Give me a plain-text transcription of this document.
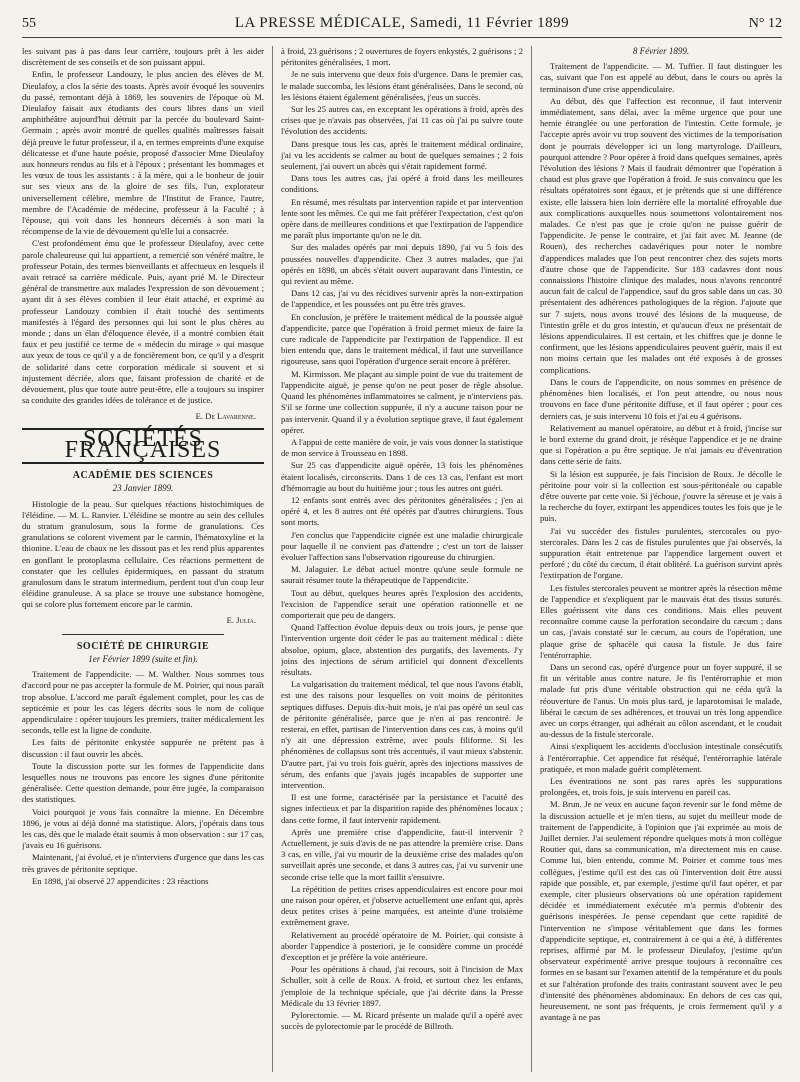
55	LA PRESSE MÉDICALE, Samedi, 11 Février 1899	N° 12

les suivant pas à pas dans leur carrière, toujours prêt à les aider discrètement de ses conseils et de son puissant appui.

Enfin, le professeur Landouzy, le plus ancien des élèves de M. Dieulafoy, a clos la série des toasts. Après avoir évoqué les souvenirs du passé, remontant déjà à 1869, les souvenirs de l'époque où M. Dieulafoy faisait aux étudiants des cours libres dans un vieil amphithéâtre aujourd'hui détruit par la percée du boulevard Saint-Germain ; après avoir montré de quelles qualités maîtresses faisait déjà preuve le futur professeur, il a, en termes empreints d'une exquise délicatesse et d'une haute poésie, proposé d'associer Mme Dieulafoy aux honneurs rendus au fils et à l'époux ; présentant les hommages et les vœux de tous les assistants : à la mère, qui a le bonheur de jouir sur ses vieux ans de la gloire de ses fils, l'un, explorateur universellement célèbre, membre de l'Institut de France, l'autre, membre de l'Académie de médecine, professeur à la Faculté ; à l'épouse, qui voit dans les honneurs décernés à son mari la récompense de la vie de dévouement qu'elle lui a consacrée.

C'est profondément ému que le professeur Dieulafoy, avec cette parole chaleureuse qui lui appartient, a remercié son vénéré maître, le professeur Potain, des termes bienveillants et affectueux en lesquels il avait retracé sa carrière médicale. Puis, ayant prié M. le Directeur général de transmettre aux malades l'expression de son dévouement ; ayant dit à ses élèves combien il leur était attaché, et exprimé au professeur Landouzy combien il était touché des sentiments manifestés à l'égard des personnes qui lui sont le plus chères au monde ; dans un élan d'éloquence élevée, il a montré combien était faux et peu justifié ce terme de « médecin du mirage » qui masque aux yeux de tous ce qu'il y a de foncièrement bon, ce qu'il y a d'esprit de solidarité dans cette corporation médicale si souvent et si injustement décriée, alors que, faisant profession de charité et de dévouement, plus que toute autre peut-être, elle a toujours su inspirer sa conduite des grandes idées de tolérance et de justice.

E. De Lavarenne.
SOCIÉTÉS FRANÇAISES
ACADÉMIE DES SCIENCES
23 Janvier 1899.

Histologie de la peau. Sur quelques réactions histochimiques de l'éléidine. — M. L. Ranvier. L'éléidine se montre au sein des cellules du stratum granulosum, sous la forme de granulations. Ces granulations se colorent vivement par le carmin, l'hématoxyline et la thionine. L'eau de chaux ne les dissout pas et les rend plus apparentes en gonflant le protoplasma cellulaire. Ces réactions permettent de constater que les cellules épidermiques, en passant du stratum granulosum dans le stratum intermedium, perdent tout d'un coup leur éléidine granuleuse. A sa place se trouve une substance homogène, qui se colore plus fortement encore par le carmin.

E. Julia.
SOCIÉTÉ DE CHIRURGIE
1er Février 1899 (suite et fin).

Traitement de l'appendicite. — M. Walther. Nous sommes tous d'accord pour ne pas accepter la formule de M. Poirier, qui nous paraît trop absolue. L'accord me paraît également complet, pour les cas de septicémie et pour les cas légers décrits sous le nom de colique appendiculaire : opérer toujours les premiers, traiter médicalement les seconds, telle est la ligne de conduite.

Les faits de péritonite enkystée suppurée ne prêtent pas à discussion : il faut ouvrir les abcès.

Toute la discussion porte sur les formes de l'appendicite dans lesquelles nous ne trouvons pas encore les signes d'une péritonite généralisée. Cette question demande, pour être jugée, la comparaison des statistiques.

Voici pourquoi je vous fais connaître la mienne. En Décembre 1896, je vous ai déjà donné ma statistique. Alors, j'opérais dans tous les cas, dès que le malade était soumis à mon observation : sur 17 cas, j'avais eu 16 guérisons.

Maintenant, j'ai évolué, et je n'interviens d'urgence que dans les cas très graves de péritonite septique.

En 1898, j'ai observé 27 appendicites : 23 réactions

à froid, 23 guérisons ; 2 ouvertures de foyers enkystés, 2 guérisons ; 2 péritonites généralisées, 1 mort.

Je ne suis intervenu que deux fois d'urgence. Dans le premier cas, le malade succomba, les lésions étant généralisées. Dans le second, où les lésions étaient également généralisées, j'eus un succès.

Sur les 25 autres cas, en exceptant les opérations à froid, après des crises que je n'avais pas observées, j'ai 11 cas où j'ai pu suivre toute l'évolution des accidents.

Dans presque tous les cas, après le traitement médical ordinaire, j'ai vu les accidents se calmer au bout de quelques semaines ; 2 fois seulement, j'ai ouvert un abcès qui s'était rapidement formé.

Dans tous les autres cas, j'ai opéré à froid dans les meilleures conditions.

En résumé, mes résultats par intervention rapide et par intervention lente sont les mêmes. Ce qui me fait préférer l'expectation, c'est qu'on opère dans de meilleures conditions et que l'extirpation de l'appendice me paraît plus importante qu'on ne le dit.

Sur des malades opérés par moi depuis 1890, j'ai vu 5 fois des poussées nouvelles d'appendicite. Chez 3 autres malades, que j'ai opérés en 1898, un abcès s'était ouvert auparavant dans l'intestin, ce qui revient au même.

Dans 12 cas, j'ai vu des récidives survenir après la non-extirpation de l'appendice, et les poussées ont pu être très graves.

En conclusion, je préfère le traitement médical de la poussée aiguë d'appendicite, parce que l'opération à froid permet mieux de faire la cure radicale de l'appendicite par l'extirpation de l'appendice. Il est bien entendu que, dans le traitement médical, il faut une surveillance rigoureuse, sans quoi l'opération d'urgence serait encore à préférer.

M. Kirmisson. Me plaçant au simple point de vue du traitement de l'appendicite aiguë, je pense qu'on ne peut poser de règle absolue. Quand les phénomènes inflammatoires se calment, je n'interviens pas. S'il se forme une collection suppurée, il n'y a aucune raison pour ne pas intervenir. Quand il y a évolution septique grave, il faut également opérer.

A l'appui de cette manière de voir, je vais vous donner la statistique de mon service à Trousseau en 1898.

Sur 25 cas d'appendicite aiguë opérée, 13 fois les phénomènes étaient localisés, circonscrits. Dans 1 de ces 13 cas, l'enfant est mort d'hémorragie au bout du huitième jour ; tous les autres ont guéri.

12 enfants sont entrés avec des péritonites généralisées ; j'en ai opéré 4, et les 8 autres ont été opérés par d'autres chirurgiens. Tous sont morts.

J'en conclus que l'appendicite cignée est une maladie chirurgicale pour laquelle il ne convient pas d'attendre ; c'est un tort de laisser évoluer l'affection sans l'observation rigoureuse du chirurgien.

M. Jalaguier. Le débat actuel montre qu'une seule formule ne saurait résumer toute la thérapeutique de l'appendicite.

Tout au début, quelques heures après l'explosion des accidents, l'excision de l'appendice serait une opération rationnelle et ne comporterait que peu de dangers.

Quand l'affection évolue depuis deux ou trois jours, je pense que l'intervention urgente doit céder le pas au traitement médical : diète absolue, opium, glace, abstention des purgatifs, des lavements. J'y joins des injections de sérum artificiel qui donnent d'excellents résultats.

La vulgarisation du traitement médical, tel que nous l'avons établi, est une des raisons pour lesquelles on voit moins de péritonites septiques diffuses. Depuis dix-huit mois, je n'ai pas opéré un seul cas de péritonite généralisée, parce que je n'en ai pas rencontré. Je resterai, en effet, partisan de l'intervention dans ces cas, à moins qu'il n'y ait une dépression extrême, avec pouls filiforme. Si les phénomènes de collapsus sont très accentués, il vaut mieux s'abstenir. D'autre part, j'ai vu trois fois guérir, après des injections massives de sérum, des enfants que j'avais jugés incapables de supporter une intervention.

Il est une forme, caractérisée par la persistance et l'acuité des signes infectieux et par la disparition rapide des phénomènes locaux ; dans cette forme, il faut intervenir rapidement.

Après une première crise d'appendicite, faut-il intervenir ? Actuellement, je suis d'avis de ne pas attendre la première crise. Dans 3 cas, en ville, j'ai vu mourir de la deuxième crise des malades qu'on surveillait après une seconde, et dans 3 autres cas, j'ai vu survenir une seconde crise telle que la mort faillit s'ensuivre.

La répétition de petites crises appendiculaires est encore pour moi une raison pour opérer, et j'observe actuellement une enfant qui, après deux petites crises à peine marquées, est atteinte d'une troisième extrêmement grave.

Relativement au procédé opératoire de M. Poirier, qui consiste à aborder l'appendice à posteriori, je le considère comme un procédé d'exception et je préfère la voie antérieure.

Pour les opérations à chaud, j'ai recours, soit à l'incision de Max Schuller, soit à celle de Roux. A froid, et surtout chez les enfants, j'emploie de la technique spéciale, que j'ai décrite dans la Presse Médicale du 13 février 1897.

Pylorectomie. — M. Ricard présente un malade qu'il a opéré avec succès de pylorectomie par le procédé de Billroth.

8 Février 1899.

Traitement de l'appendicite. — M. Tuffier. Il faut distinguer les cas, suivant que l'on est appelé au début, dans le cours ou après la terminaison d'une crise appendiculaire.

Au début, dès que l'affection est reconnue, il faut intervenir immédiatement, sans délai, avec la même urgence que pour une hernie étranglée ou une perforation de l'intestin. Cette formule, je l'accepte après avoir vu trop souvent des victimes de la temporisation dont je pourrais développer ici un long martyrologe. D'ailleurs, pourquoi attendre ? Pour opérer à froid dans quelques semaines, après l'évolution des lésions ? Mais il faudrait démontrer que l'opération à chaud est plus grave que l'opération à froid. Je suis convaincu que les résultats opératoires sont égaux, et je prétends que si une différence existe, elle laissera bien loin derrière elle la mortalité effroyable due aux complications auxquelles nous soumettons volontairement nos malades. Ce n'est pas que je croie qu'on ne puisse guérir de l'appendicite. Je pense le contraire, et j'ai fait avec M. Jeanne (de Rouen), des recherches cadavériques pour noter le nombre d'appendices malades que l'on peut rencontrer chez des sujets morts d'autre chose que de l'appendicite. Sur 183 cadavres dont nous connaissions l'histoire clinique des malades, nous n'avons rencontré aucun fait de calcul de l'appendice, sauf du gros sable dans un cas. 30 présentaient des adhérences pathologiques de la région. J'ajoute que sur 7 sujets, nous avons trouvé des lésions de la muqueuse, de l'intestin grêle et du gros intestin, et qu'aucun d'eux ne présentait de lésions appendiculaires. Il est certain, et les chiffres que je donne le confirment, que les lésions appendiculaires peuvent guérir, mais il est non moins certain que les malades ont été exposés à de grosses complications.

Dans le cours de l'appendicite, on nous sommes en présence de phénomènes bien localisés, et l'on peut attendre, ou nous nous trouvons en face d'une péritonite diffuse, et il faut opérer ; pour ces derniers cas, je suis intervenu 10 fois et j'ai eu 4 guérisons.

Relativement au manuel opératoire, au début et à froid, j'incise sur le bord externe du grand droit, je résèque l'appendice et je ne draine que si l'opération a pu être septique. Je n'ai jamais eu d'éventration dans cette série de faits.

Si la lésion est suppurée, je fais l'incision de Roux. Je décolle le péritoine pour voir si la collection est sous-péritonéale ou capable d'être ouverte par cette voie. Si j'échoue, j'ouvre la séreuse et je vais à la recherche du foyer, extirpant les appendices toutes les fois que je le puis.

J'ai vu succéder des fistules purulentes, stercorales ou pyo-stercorales. Dans les 2 cas de fistules purulentes que j'ai observés, la suppuration était entretenue par l'appendice largement ouvert et perforé ; du côté du cæcum, il était oblitéré. La guérison survint après l'extirpation de l'organe.

Les fistules stercorales peuvent se montrer après la résection même de l'appendice et s'expliquent par le mauvais état des tissus suturés. Elles guérissent vite dans ces conditions. Mais elles peuvent reconnaître comme cause la perforation secondaire du cæcum ; dans un cas, j'avais constaté sur le cæcum, au cours de l'opération, une plaque grise de sphacèle qui causa la fistule. Je dus faire l'entérorraphie.

Dans un second cas, opéré d'urgence pour un foyer suppuré, il se fit un véritable anus contre nature. Je fis l'entérorraphie et mon malade fut pris d'une véritable obstruction qui ne céda qu'à la réouverture de l'anus. Un mois plus tard, je laparotomisai le malade, libérai le cæcum de ses adhérences, et trouvai un très long appendice avec un corps étranger, qui adhérait au côlon ascendant, et le coudait au-dessus de la fistule stercorale.

Ainsi s'expliquent les accidents d'occlusion intestinale consécutifs à l'entérorraphie. Cet appendice fut réséqué, l'entérorraphie latérale pratiquée, et mon malade guérit complètement.

Les éventrations ne sont pas rares après les suppurations prolongées, et, trois fois, je suis intervenu en pareil cas.

M. Brun. Je ne veux en aucune façon revenir sur le fond même de la discussion actuelle et je m'en tiens, au sujet du meilleur mode de traitement de l'appendicite, à l'opinion que j'ai exprimée au mois de Juillet dernier. J'ai seulement répondre quelques mots à mon collègue Routier qui, dans sa communication, m'a directement mis en cause. Comme lui, bien entendu, comme M. Poirier et comme tous mes collègues, j'estime qu'il est des cas où l'intervention doit être aussi rapide que possible, et, par exemple, j'estime qu'il faut opérer, et par exemple, citer plusieurs observations où une opération rapidement décidée et immédiatement exécutée m'a permis d'obtenir des guérisons inespérées. Je pense cependant que cette rapidité de l'intervention ne s'impose véritablement que dans les formes d'appendicite septique, et, contrairement à ce qui a été, à différentes reprises, affirmé par M. le professeur Dieulafoy, j'estime qu'un observateur expérimenté arrive presque toujours à reconnaître ces formes en se basant sur l'examen attentif de la température et du pouls et sur l'altération profonde des traits contrastant souvent avec le peu d'intensité des phénomènes abdominaux. En dehors de ces cas qui, heureusement, ne sont pas fréquents, je crois fermement qu'il y a avantage à ne pas
